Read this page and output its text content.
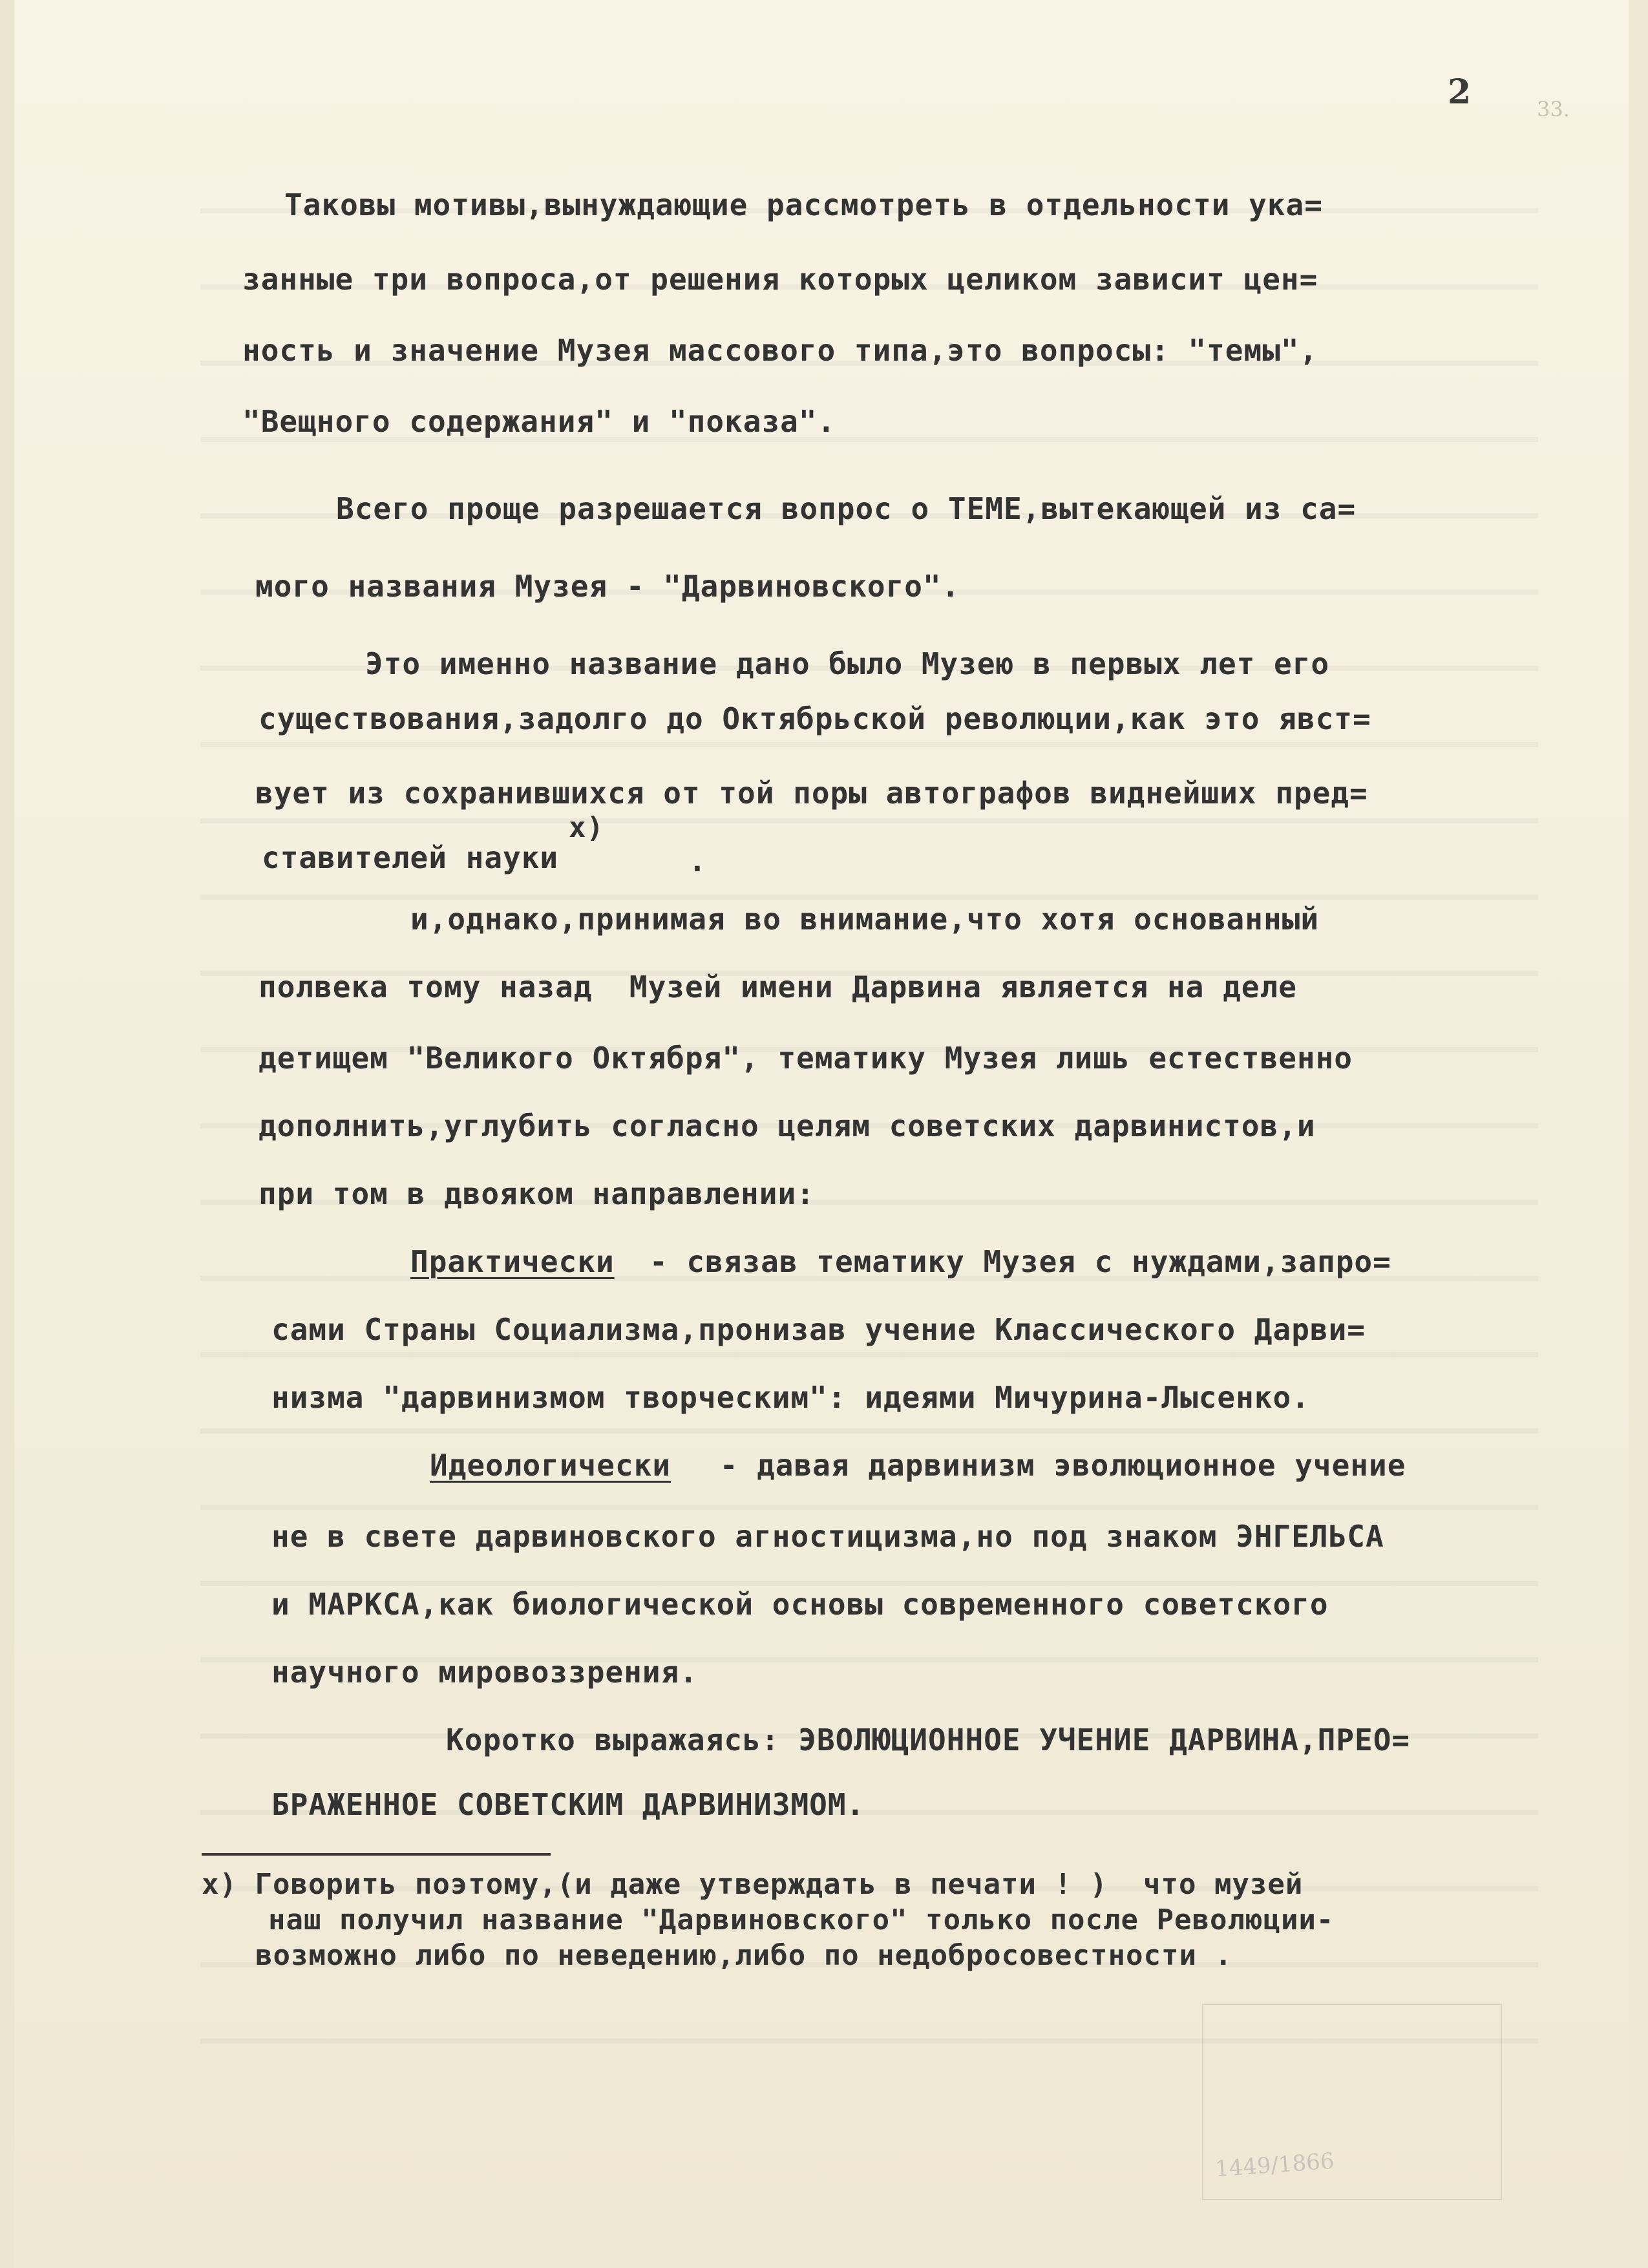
2	33.
Таковы мотивы,вынуждающие рассмотреть в отдельности ука=
занные три вопроса,от решения которых целиком зависит цен=
ность и значение Музея массового типа,это вопросы: "темы",
"Вещного содержания" и "показа".
Всего проще разрешается вопрос о ТЕМЕ,вытекающей из са=
мого названия Музея - "Дарвиновского".
Это именно название дано было Музею в первых лет его
существования,задолго до Октябрьской революции,как это явст=
вует из сохранившихся от той поры автографов виднейших пред=
x)
ставителей науки	.
и,однако,принимая во внимание,что хотя основанный
полвека тому назад  Музей имени Дарвина является на деле
детищем "Великого Октября", тематику Музея лишь естественно
дополнить,углубить согласно целям советских дарвинистов,и
при том в двояком направлении:
Практически - связав тематику Музея с нуждами,запро=
сами Страны Социализма,пронизав учение Классического Дарви=
низма "дарвинизмом творческим": идеями Мичурина-Лысенко.
Идеологически - давая дарвинизм эволюционное учение
не в свете дарвиновского агностицизма,но под знаком ЭНГЕЛЬСА
и МАРКСА,как биологической основы современного советского
научного мировоззрения.
Коротко выражаясь: ЭВОЛЮЦИОННОЕ УЧЕНИЕ ДАРВИНА,ПРЕО=
БРАЖЕННОЕ СОВЕТСКИМ ДАРВИНИЗМОМ.
x) Говорить поэтому,(и даже утверждать в печати ! )  что музей
наш получил название "Дарвиновского" только после Революции-
возможно либо по неведению,либо по недобросовестности .
1449/1866
